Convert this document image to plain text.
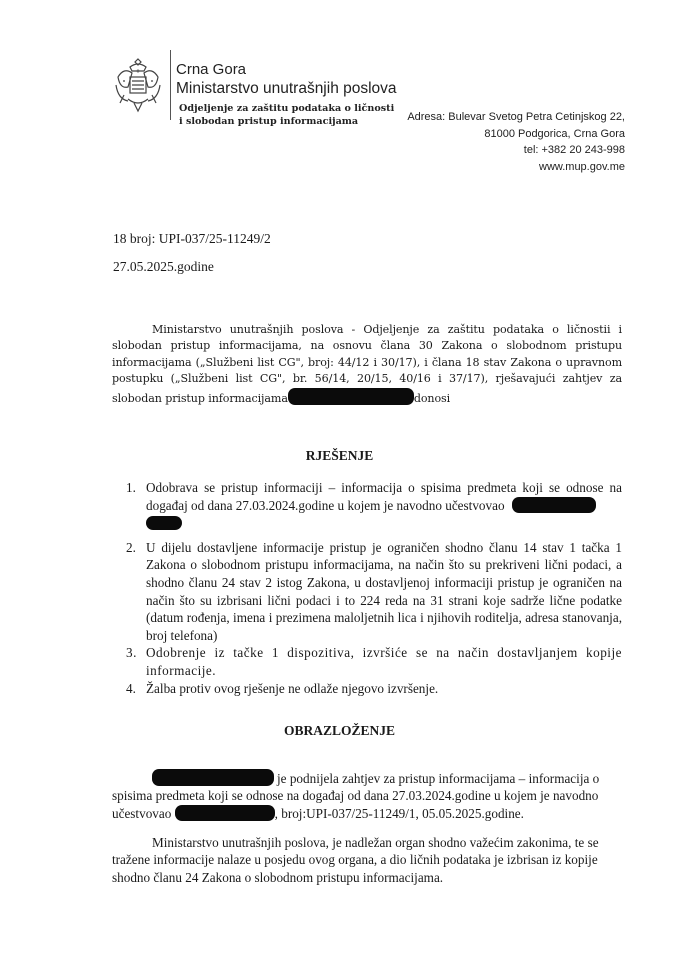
Crna Gora
Ministarstvo unutrašnjih poslova
Odjeljenje za zaštitu podataka o ličnosti
i slobodan pristup informacijama	Adresa: Bulevar Svetog Petra Cetinjskog 22,
81000 Podgorica, Crna Gora
tel: +382 20 243-998
www.mup.gov.me
18 broj: UPI-037/25-11249/2
27.05.2025.godine
Ministarstvo unutrašnjih poslova - Odjeljenje za zaštitu podataka o ličnostii i slobodan pristup informacijama, na osnovu člana 30 Zakona o slobodnom pristupu informacijama („Službeni list CG", broj: 44/12 i 30/17), i člana 18 stav Zakona o upravnom postupku („Službeni list CG", br. 56/14, 20/15, 40/16 i 37/17), rješavajući zahtjev za slobodan pristup informacijama	donosi
RJEŠENJE
1. Odobrava se pristup informaciji – informacija o spisima predmeta koji se odnose na događaj od dana 27.03.2024.godine u kojem je navodno učestvovao

2. U dijelu dostavljene informacije pristup je ograničen shodno članu 14 stav 1 tačka 1 Zakona o slobodnom pristupu informacijama, na način što su prekriveni lični podaci, a shodno članu 24 stav 2 istog Zakona, u dostavljenoj informaciji pristup je ograničen na način što su izbrisani lični podaci i to 224 reda na 31 strani koje sadrže lične podatke (datum rođenja, imena i prezimena maloljetnih lica i njihovih roditelja, adresa stanovanja, broj telefona)
3. Odobrenje iz tačke 1 dispozitiva, izvršiće se na način dostavljanjem kopije informacije.
4. Žalba protiv ovog rješenje ne odlaže njegovo izvršenje.
OBRAZLOŽENJE
je podnijela zahtjev za pristup informacijama – informacija o spisima predmeta koji se odnose na događaj od dana 27.03.2024.godine u kojem je navodno učestvovao	, broj:UPI-037/25-11249/1, 05.05.2025.godine.
Ministarstvo unutrašnjih poslova, je nadležan organ shodno važećim zakonima, te se tražene informacije nalaze u posjedu ovog organa, a dio ličnih podataka je izbrisan iz kopije shodno članu 24 Zakona o slobodnom pristupu informacijama.
